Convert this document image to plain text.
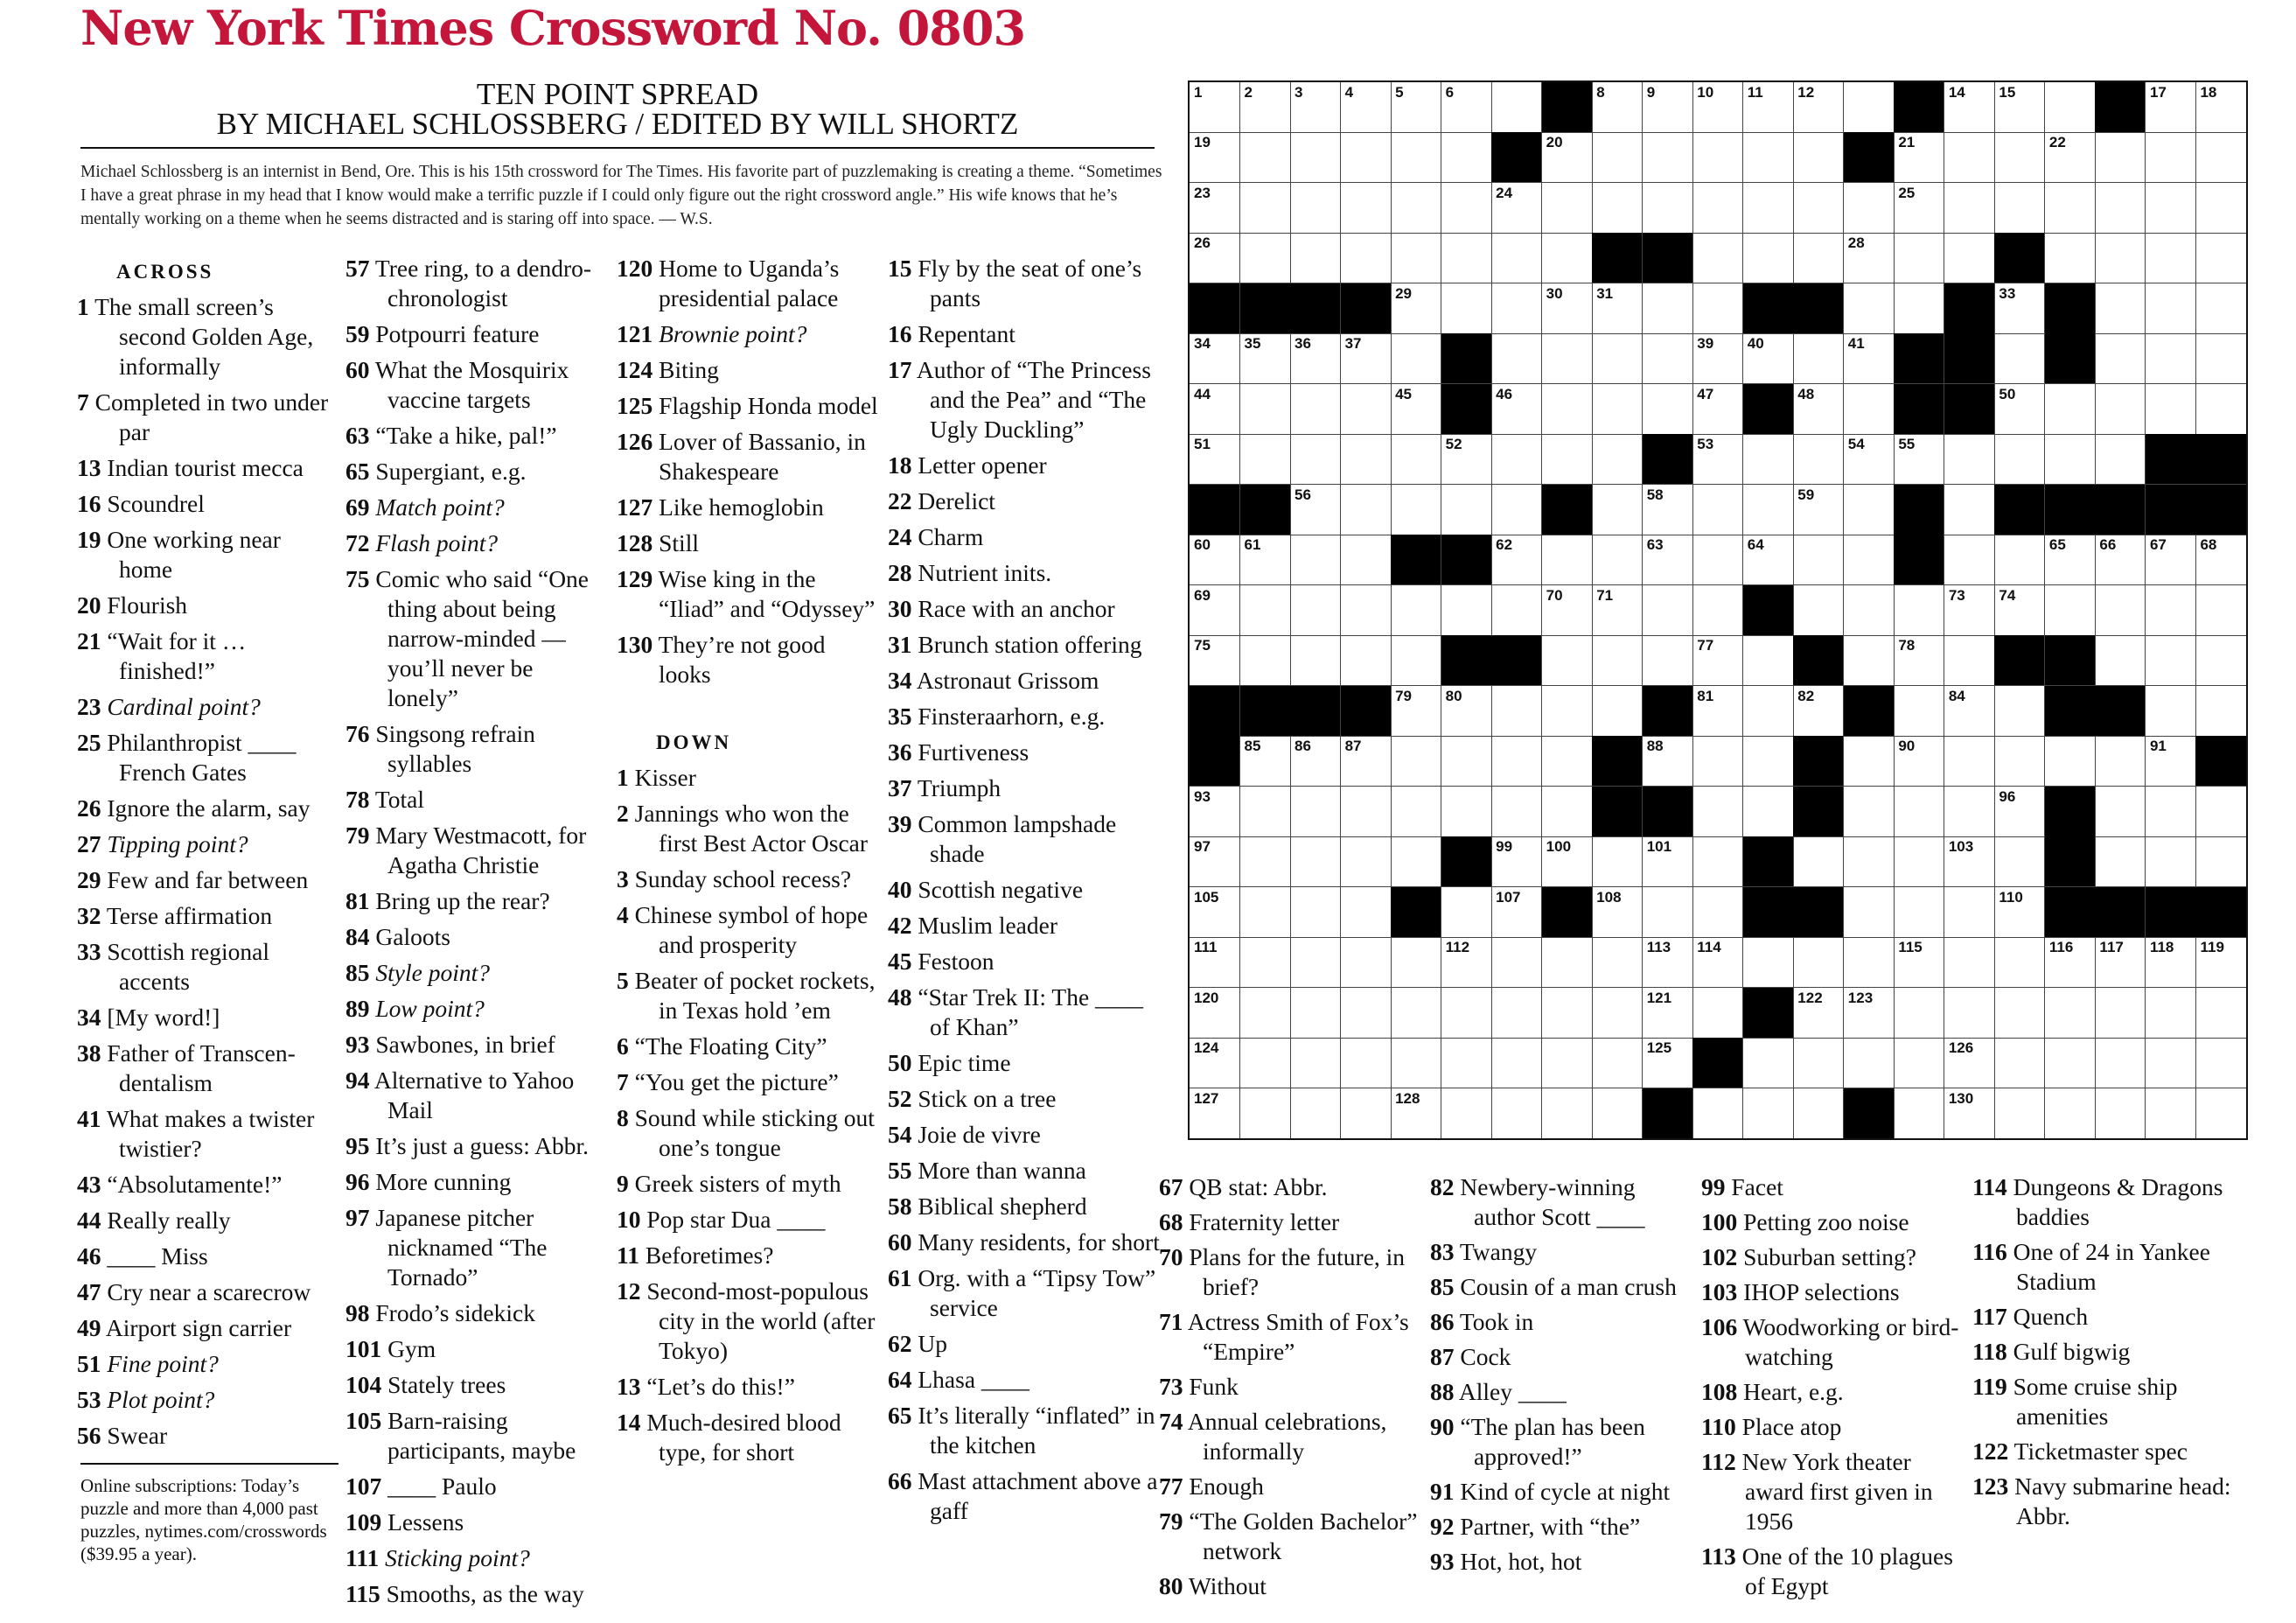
New York Times Crossword No. 0803
TEN POINT SPREAD
BY MICHAEL SCHLOSSBERG / EDITED BY WILL SHORTZ
Michael Schlossberg is an internist in Bend, Ore. This is his 15th crossword for The Times. His favorite part of puzzlemaking is creating a theme. “Sometimes I have a great phrase in my head that I know would make a terrific puzzle if I could only figure out the right crossword angle.” His wife knows that he’s mentally working on a theme when he seems distracted and is staring off into space. — W.S.
ACROSS
1 The small screen’s second Golden Age, informally
7 Completed in two under par
13 Indian tourist mecca
16 Scoundrel
19 One working near home
20 Flourish
21 “Wait for it … finished!”
23 Cardinal point?
25 Philanthropist ____ French Gates
26 Ignore the alarm, say
27 Tipping point?
29 Few and far between
32 Terse affirmation
33 Scottish regional accents
34 [My word!]
38 Father of Transcen-dentalism
41 What makes a twister twistier?
43 “Absolutamente!”
44 Really really
46 ____ Miss
47 Cry near a scarecrow
49 Airport sign carrier
51 Fine point?
53 Plot point?
56 Swear
57 Tree ring, to a dendro-chronologist
59 Potpourri feature
60 What the Mosquirix vaccine targets
63 “Take a hike, pal!”
65 Supergiant, e.g.
69 Match point?
72 Flash point?
75 Comic who said “One thing about being narrow-minded — you’ll never be lonely”
76 Singsong refrain syllables
78 Total
79 Mary Westmacott, for Agatha Christie
81 Bring up the rear?
84 Galoots
85 Style point?
89 Low point?
93 Sawbones, in brief
94 Alternative to Yahoo Mail
95 It’s just a guess: Abbr.
96 More cunning
97 Japanese pitcher nicknamed “The Tornado”
98 Frodo’s sidekick
101 Gym
104 Stately trees
105 Barn-raising participants, maybe
107 ____ Paulo
109 Lessens
111 Sticking point?
115 Smooths, as the way
120 Home to Uganda’s presidential palace
121 Brownie point?
124 Biting
125 Flagship Honda model
126 Lover of Bassanio, in Shakespeare
127 Like hemoglobin
128 Still
129 Wise king in the “Iliad” and “Odyssey”
130 They’re not good looks
DOWN
1 Kisser
2 Jannings who won the first Best Actor Oscar
3 Sunday school recess?
4 Chinese symbol of hope and prosperity
5 Beater of pocket rockets, in Texas hold ’em
6 “The Floating City”
7 “You get the picture”
8 Sound while sticking out one’s tongue
9 Greek sisters of myth
10 Pop star Dua ____
11 Beforetimes?
12 Second-most-populous city in the world (after Tokyo)
13 “Let’s do this!”
14 Much-desired blood type, for short
15 Fly by the seat of one’s pants
16 Repentant
17 Author of “The Princess and the Pea” and “The Ugly Duckling”
18 Letter opener
22 Derelict
24 Charm
28 Nutrient inits.
30 Race with an anchor
31 Brunch station offering
34 Astronaut Grissom
35 Finsteraarhorn, e.g.
36 Furtiveness
37 Triumph
39 Common lampshade shade
40 Scottish negative
42 Muslim leader
45 Festoon
48 “Star Trek II: The ____ of Khan”
50 Epic time
52 Stick on a tree
54 Joie de vivre
55 More than wanna
58 Biblical shepherd
60 Many residents, for short
61 Org. with a “Tipsy Tow” service
62 Up
64 Lhasa ____
65 It’s literally “inflated” in the kitchen
66 Mast attachment above a gaff
67 QB stat: Abbr.
68 Fraternity letter
70 Plans for the future, in brief?
71 Actress Smith of Fox’s “Empire”
73 Funk
74 Annual celebrations, informally
77 Enough
79 “The Golden Bachelor” network
80 Without
82 Newbery-winning author Scott ____
83 Twangy
85 Cousin of a man crush
86 Took in
87 Cock
88 Alley ____
90 “The plan has been approved!”
91 Kind of cycle at night
92 Partner, with “the”
93 Hot, hot, hot
99 Facet
100 Petting zoo noise
102 Suburban setting?
103 IHOP selections
106 Woodworking or bird-watching
108 Heart, e.g.
110 Place atop
112 New York theater award first given in 1956
113 One of the 10 plagues of Egypt
114 Dungeons & Dragons baddies
116 One of 24 in Yankee Stadium
117 Quench
118 Gulf bigwig
119 Some cruise ship amenities
122 Ticketmaster spec
123 Navy submarine head: Abbr.
Online subscriptions: Today’s puzzle and more than 4,000 past puzzles, nytimes.com/crosswords ($39.95 a year).
1	2	3	4	5	6	8	9	10 11 12	14 15	17 18
19	20	21	22
23	24	25
26	28
29	30 31	33
34 35 36 37	39 40	41
44	45	46	47	48	50
51	52	53	54 55
56	58	59
60 61	62	63	64	65 66 67 68
69	70 71	73 74
75	77	78
79 80	81	82	84
85 86 87	88	90	91
93	96
97	99 100	101	103
105	107	108	110
111	112	113 114	115	116 117 118 119
120	121	122 123
124	125	126
127	128	130
